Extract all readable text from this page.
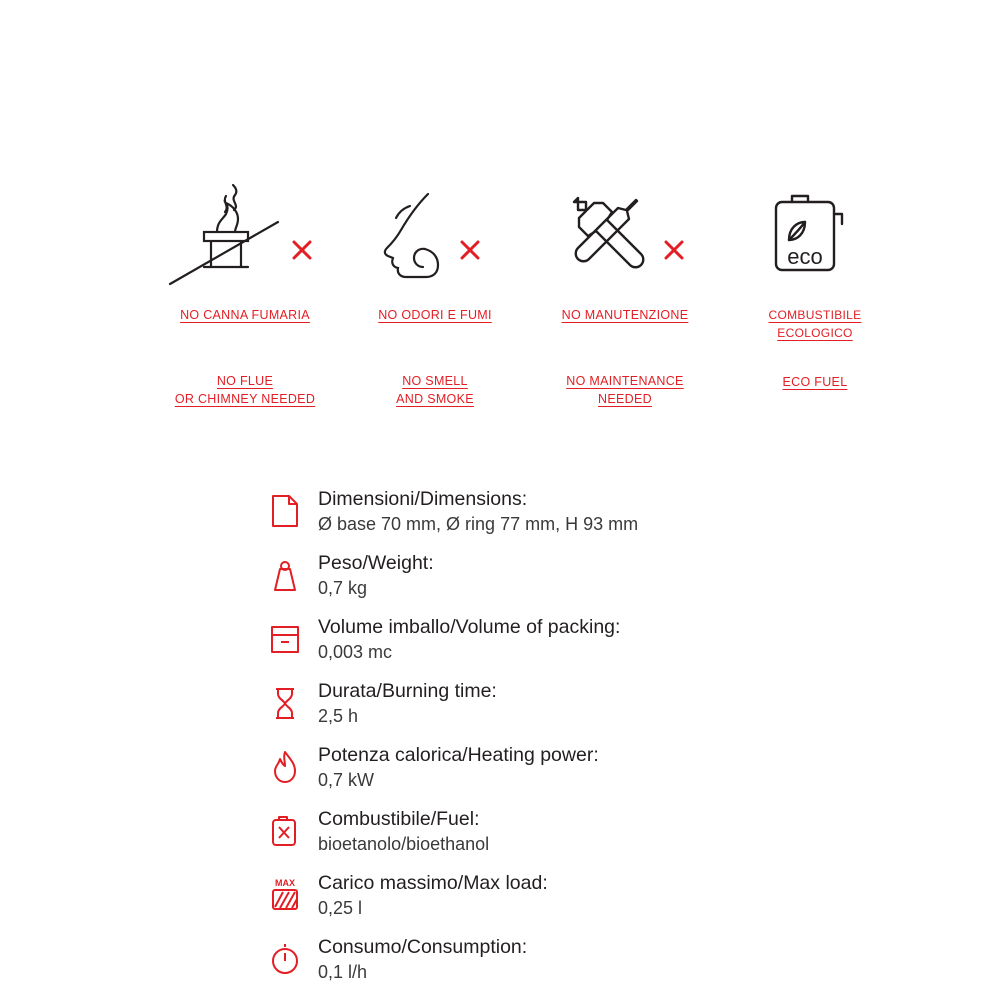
NO CANNA FUMARIA
NO FLUE
OR CHIMNEY NEEDED
NO ODORI E FUMI
NO SMELL
AND SMOKE
NO MANUTENZIONE
NO MAINTENANCE
NEEDED
eco
COMBUSTIBILE
ECOLOGICO
ECO FUEL
Dimensioni/Dimensions:
Ø base 70 mm, Ø ring 77 mm, H 93 mm
Peso/Weight:
0,7 kg
Volume imballo/Volume of packing:
0,003 mc
Durata/Burning time:
2,5 h
Potenza calorica/Heating power:
0,7 kW
Combustibile/Fuel:
bioetanolo/bioethanol
MAX Carico massimo/Max load:
0,25 l
Consumo/Consumption:
0,1 l/h
